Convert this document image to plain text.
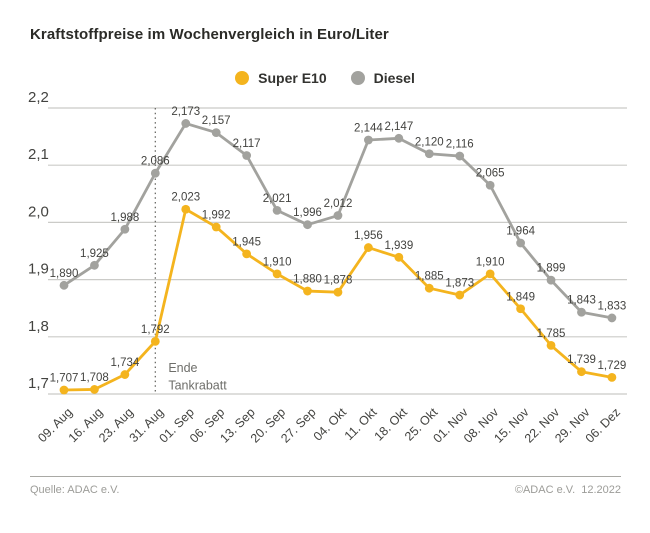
Kraftstoffpreise im Wochenvergleich in Euro/Liter
Super E10	Diesel
1,7
1,8
1,9
2,0
2,1
2,2
Ende
Tankrabatt
1,890
1,925
1,988
2,086
2,173
2,157
2,117
2,021
1,996
2,012
2,144 2,147
2,120 2,116
2,065
1,964
1,899
1,843 1,833
1,707 1,708
1,734
1,792
2,023
1,992
1,945
1,910
1,880 1,878
1,956
1,939
1,885
1,873
1,910
1,849
1,785
1,739 1,729
09. Aug
16. Aug
23. Aug
31. Aug
01. Sep
06. Sep
13. Sep
20. Sep
27. Sep
04. Okt
11. Okt
18. Okt
25. Okt
01. Nov
08. Nov
15. Nov
22. Nov
29. Nov
06. Dez
Quelle: ADAC e.V.	©ADAC e.V.  12.2022
